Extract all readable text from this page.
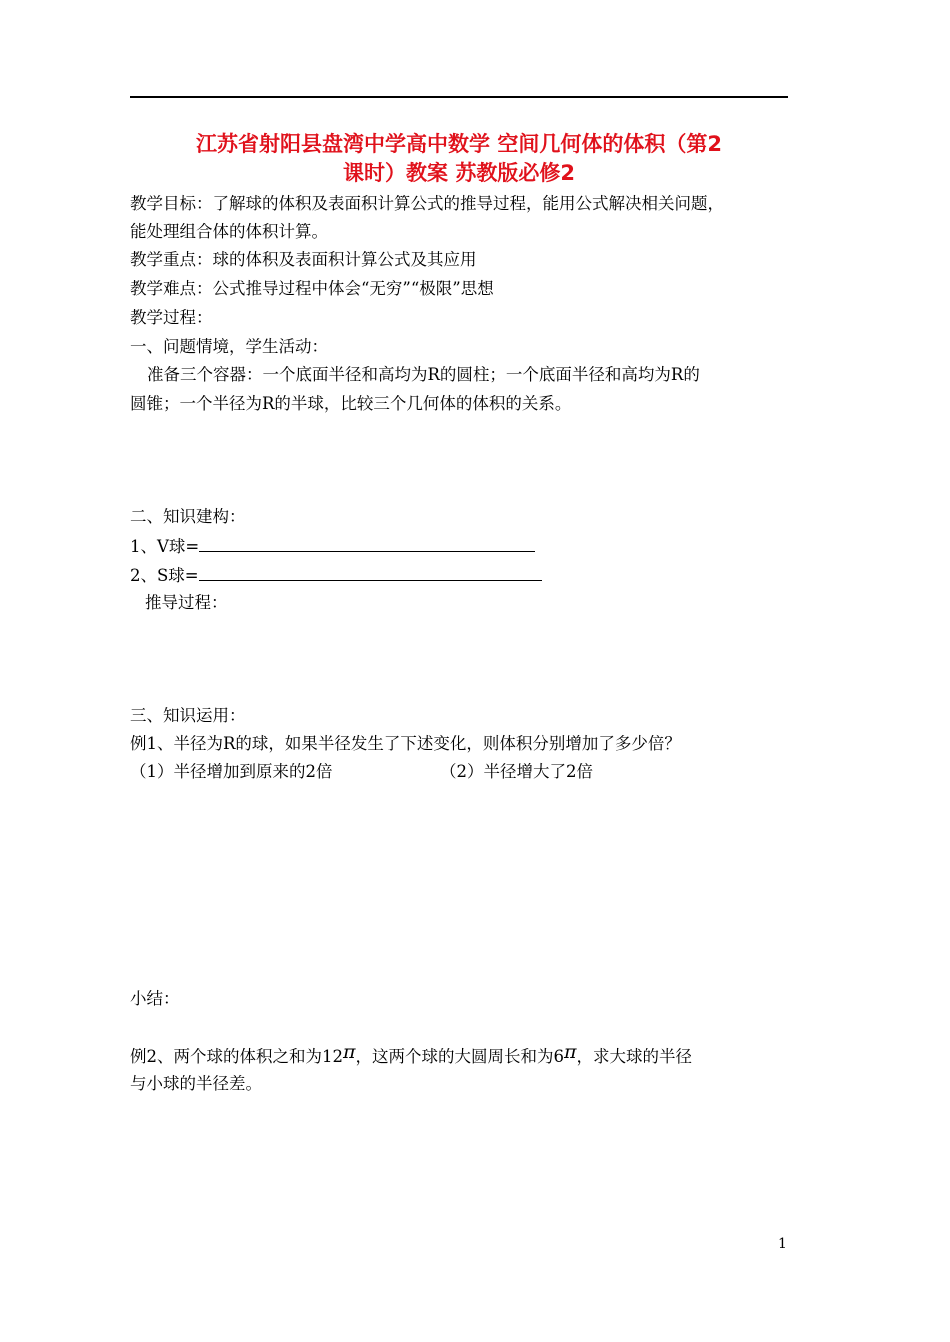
江苏省射阳县盘湾中学高中数学 空间几何体的体积（第2
课时）教案 苏教版必修2
教学目标：了解球的体积及表面积计算公式的推导过程，能用公式解决相关问题，
能处理组合体的体积计算。
教学重点：球的体积及表面积计算公式及其应用
教学难点：公式推导过程中体会“无穷”“极限”思想
教学过程：
一、问题情境，学生活动：
准备三个容器：一个底面半径和高均为R的圆柱；一个底面半径和高均为R的
圆锥；一个半径为R的半球，比较三个几何体的体积的关系。
二、知识建构：
1、V球=
2、S球=
推导过程：
三、知识运用：
例1、半径为R的球，如果半径发生了下述变化，则体积分别增加了多少倍？
（1）半径增加到原来的2倍	（2）半径增大了2倍
小结：
例2、两个球的体积之和为12π，这两个球的大圆周长和为6π，求大球的半径
与小球的半径差。
1
